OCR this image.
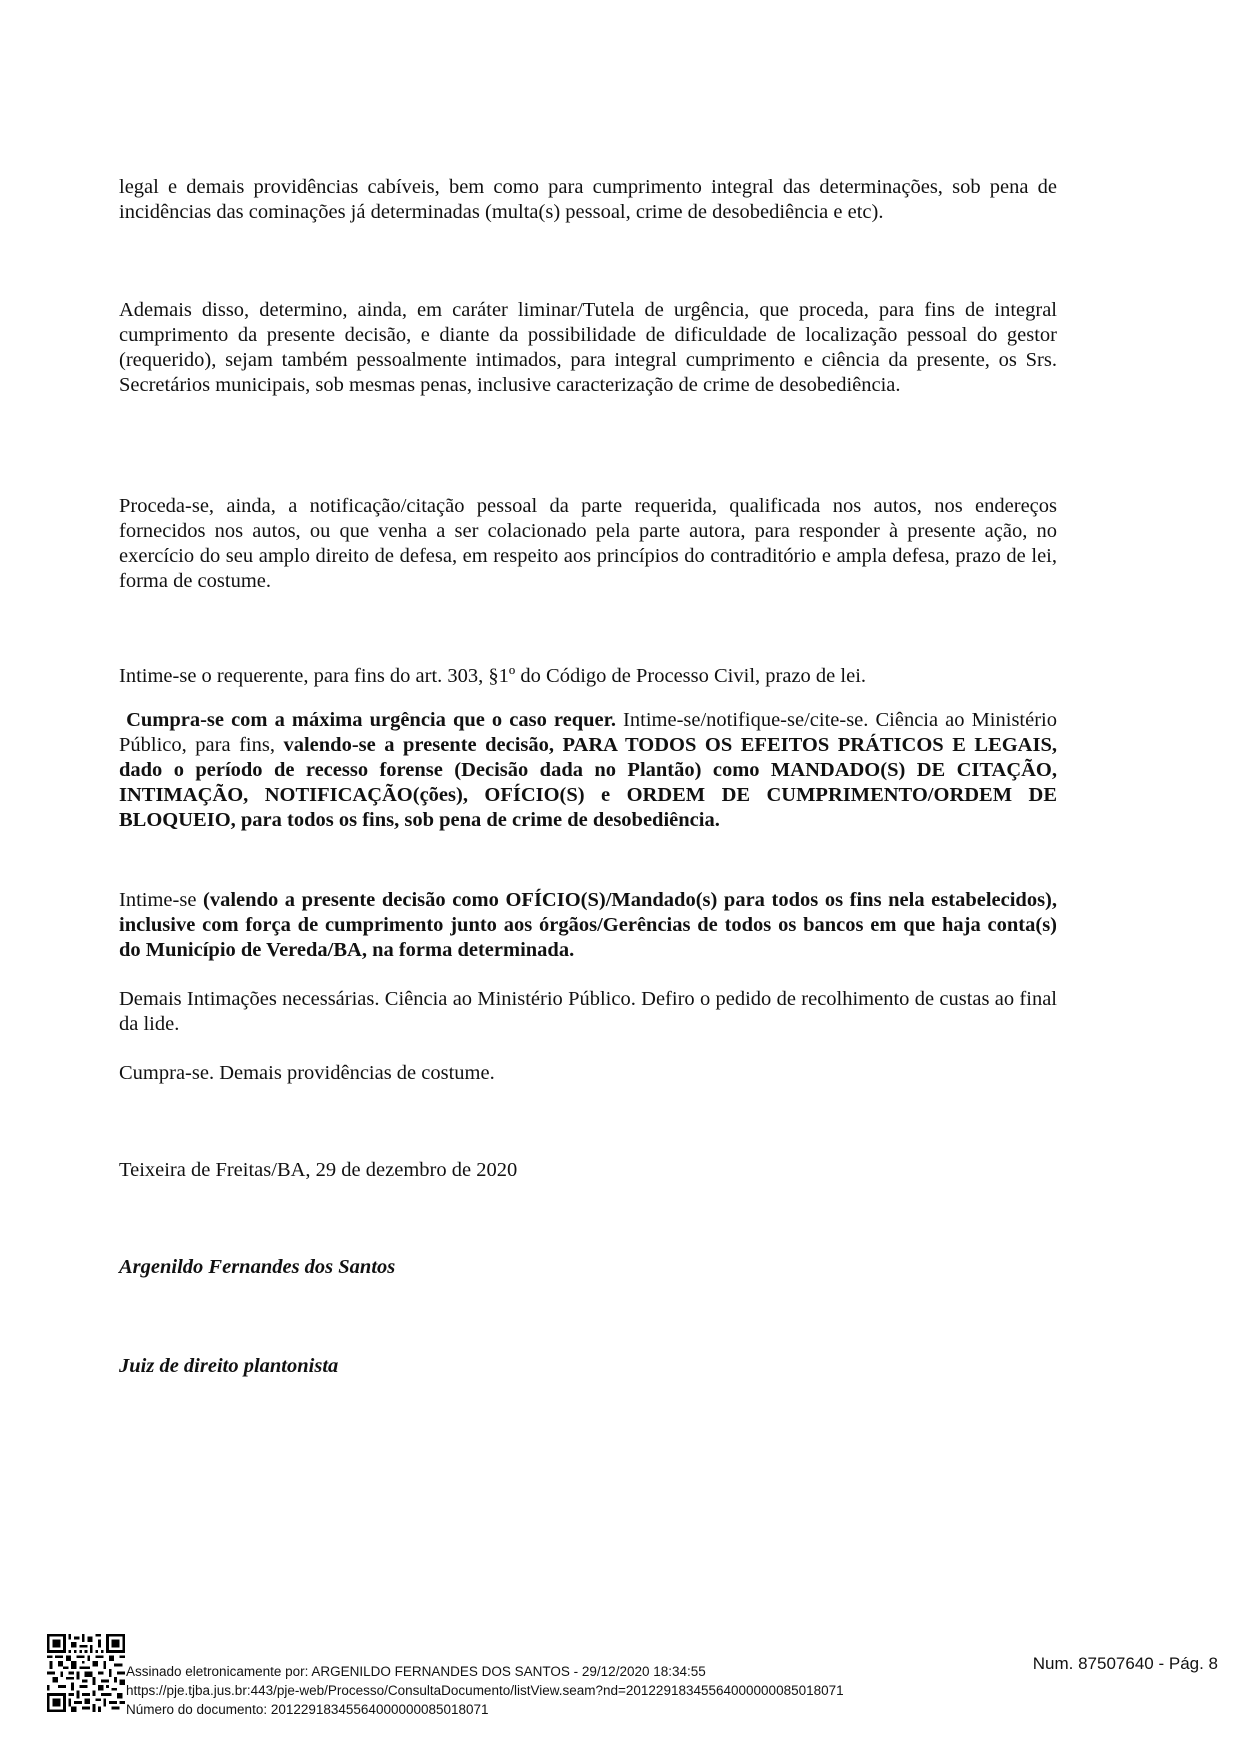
legal e demais providências cabíveis, bem como para cumprimento integral das determinações, sob pena de incidências das cominações já determinadas (multa(s) pessoal, crime de desobediência e etc).

Ademais disso, determino, ainda, em caráter liminar/Tutela de urgência, que proceda, para fins de integral cumprimento da presente decisão, e diante da possibilidade de dificuldade de localização pessoal do gestor (requerido), sejam também pessoalmente intimados, para integral cumprimento e ciência da presente, os Srs. Secretários municipais, sob mesmas penas, inclusive caracterização de crime de desobediência.

Proceda-se, ainda, a notificação/citação pessoal da parte requerida, qualificada nos autos, nos endereços fornecidos nos autos, ou que venha a ser colacionado pela parte autora, para responder à presente ação, no exercício do seu amplo direito de defesa, em respeito aos princípios do contraditório e ampla defesa, prazo de lei, forma de costume.

Intime-se o requerente, para fins do art. 303, §1º do Código de Processo Civil, prazo de lei.

Cumpra-se com a máxima urgência que o caso requer. Intime-se/notifique-se/cite-se. Ciência ao Ministério Público, para fins, valendo-se a presente decisão, PARA TODOS OS EFEITOS PRÁTICOS E LEGAIS, dado o período de recesso forense (Decisão dada no Plantão) como MANDADO(S) DE CITAÇÃO, INTIMAÇÃO, NOTIFICAÇÃO(ções), OFÍCIO(S) e ORDEM DE CUMPRIMENTO/ORDEM DE BLOQUEIO, para todos os fins, sob pena de crime de desobediência.

Intime-se (valendo a presente decisão como OFÍCIO(S)/Mandado(s) para todos os fins nela estabelecidos), inclusive com força de cumprimento junto aos órgãos/Gerências de todos os bancos em que haja conta(s) do Município de Vereda/BA, na forma determinada.

Demais Intimações necessárias. Ciência ao Ministério Público. Defiro o pedido de recolhimento de custas ao final da lide.

Cumpra-se. Demais providências de costume.

Teixeira de Freitas/BA, 29 de dezembro de 2020

Argenildo Fernandes dos Santos

Juiz de direito plantonista

Assinado eletronicamente por: ARGENILDO FERNANDES DOS SANTOS - 29/12/2020 18:34:55
https://pje.tjba.jus.br:443/pje-web/Processo/ConsultaDocumento/listView.seam?nd=20122918345564000000085018071
Número do documento: 20122918345564000000085018071
Num. 87507640 - Pág. 8
